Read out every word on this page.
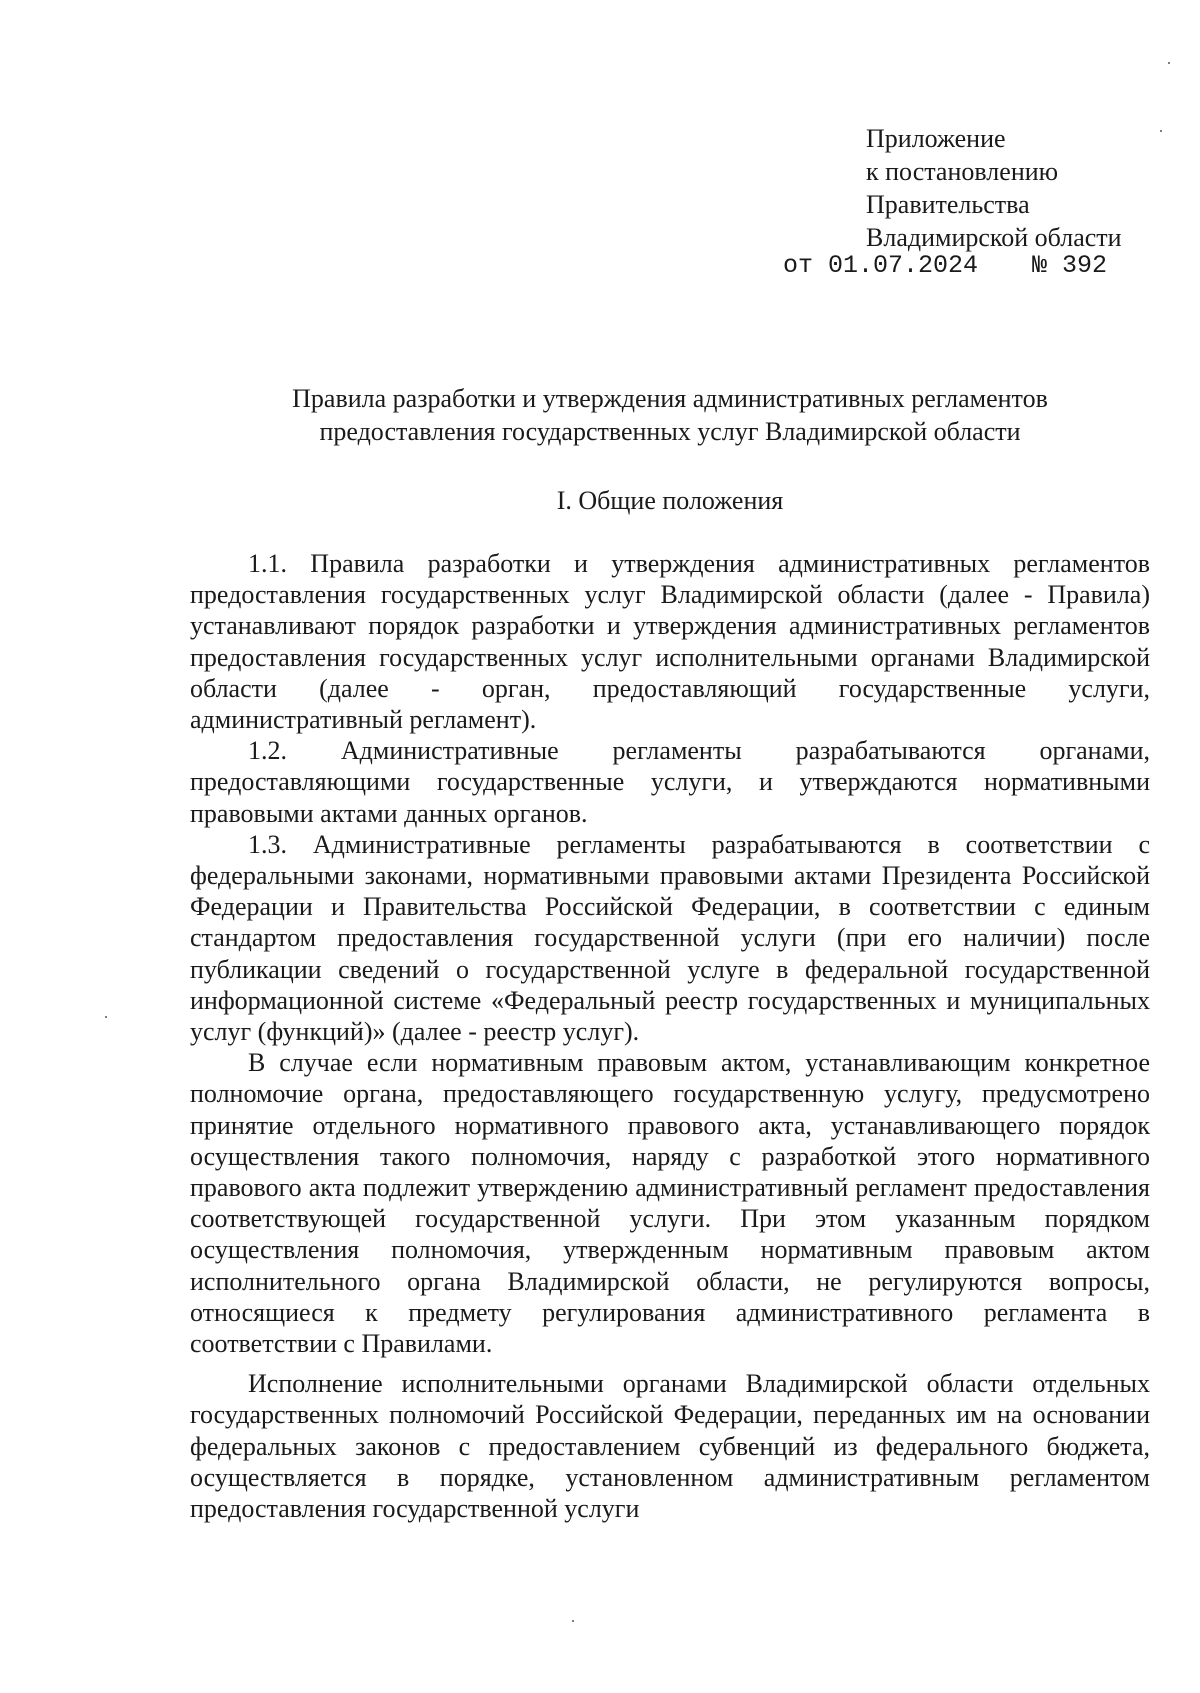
Приложение
к постановлению
Правительства
Владимирской области
от 01.07.2024 № 392
Правила разработки и утверждения административных регламентов
предоставления государственных услуг Владимирской области
I. Общие положения

1.1. Правила разработки и утверждения административных регламентов предоставления государственных услуг Владимирской области (далее - Правила) устанавливают порядок разработки и утверждения административных регламентов предоставления государственных услуг исполнительными органами Владимирской области (далее - орган, предоставляющий государственные услуги, административный регламент).

1.2. Административные регламенты разрабатываются органами, предоставляющими государственные услуги, и утверждаются нормативными правовыми актами данных органов.

1.3. Административные регламенты разрабатываются в соответствии с федеральными законами, нормативными правовыми актами Президента Российской Федерации и Правительства Российской Федерации, в соответствии с единым стандартом предоставления государственной услуги (при его наличии) после публикации сведений о государственной услуге в федеральной государственной информационной системе «Федеральный реестр государственных и муниципальных услуг (функций)» (далее - реестр услуг).

В случае если нормативным правовым актом, устанавливающим конкретное полномочие органа, предоставляющего государственную услугу, предусмотрено принятие отдельного нормативного правового акта, устанавливающего порядок осуществления такого полномочия, наряду с разработкой этого нормативного правового акта подлежит утверждению административный регламент предоставления соответствующей государственной услуги. При этом указанным порядком осуществления полномочия, утвержденным нормативным правовым актом исполнительного органа Владимирской области, не регулируются вопросы, относящиеся к предмету регулирования административного регламента в соответствии с Правилами.

Исполнение исполнительными органами Владимирской области отдельных государственных полномочий Российской Федерации, переданных им на основании федеральных законов с предоставлением субвенций из федерального бюджета, осуществляется в порядке, установленном административным регламентом предоставления государственной услуги
